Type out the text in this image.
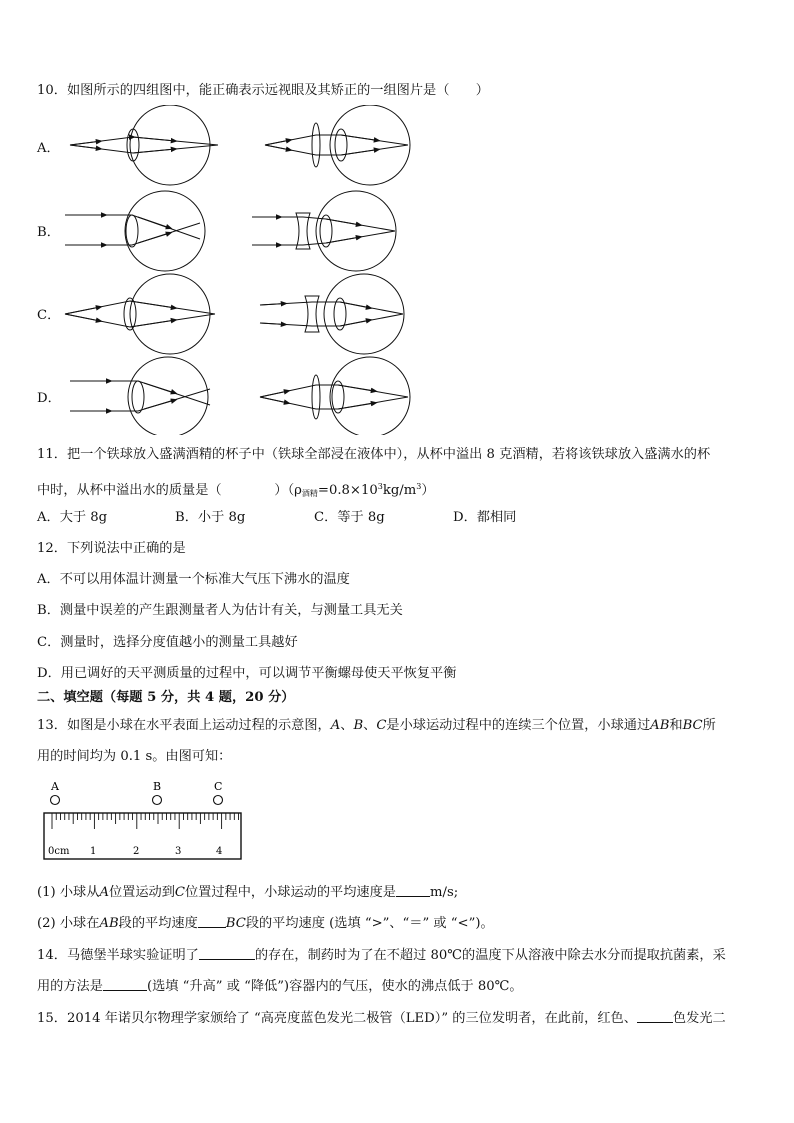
10．如图所示的四组图中，能正确表示远视眼及其矫正的一组图片是（　　）
A．
B．
C．
D．
11．把一个铁球放入盛满酒精的杯子中（铁球全部浸在液体中），从杯中溢出 8 克酒精，若将该铁球放入盛满水的杯
中时，从杯中溢出水的质量是（　　　　）$(\rho_{酒精}=0.8\times 10^3kg/m^3)$
A．大于 8g	B．小于 8g	C．等于 8g	D．都相同
12．下列说法中正确的是
A．不可以用体温计测量一个标准大气压下沸水的温度
B．测量中误差的产生跟测量者人为估计有关，与测量工具无关
C．测量时，选择分度值越小的测量工具越好
D．用已调好的天平测质量的过程中，可以调节平衡螺母使天平恢复平衡
二、填空题（每题 5 分，共 4 题，20 分）
13．如图是小球在水平表面上运动过程的示意图，A、B、C是小球运动过程中的连续三个位置，小球通过AB和BC所
用的时间均为 0.1 s。由图可知：
A	B	C
0cm 1	2	3	4
(1) 小球从A位置运动到C位置过程中，小球运动的平均速度是	m/s;
(2) 小球在AB段的平均速度 BC段的平均速度 (选填 “>”、“＝” 或 “<”)。
14．马德堡半球实验证明了	的存在，制药时为了在不超过 80℃的温度下从溶液中除去水分而提取抗菌素，采
用的方法是	(选填 “升高” 或 “降低”)容器内的气压，使水的沸点低于 80℃。
15．2014 年诺贝尔物理学家颁给了 “高亮度蓝色发光二极管（LED）” 的三位发明者，在此前，红色、	色发光二
